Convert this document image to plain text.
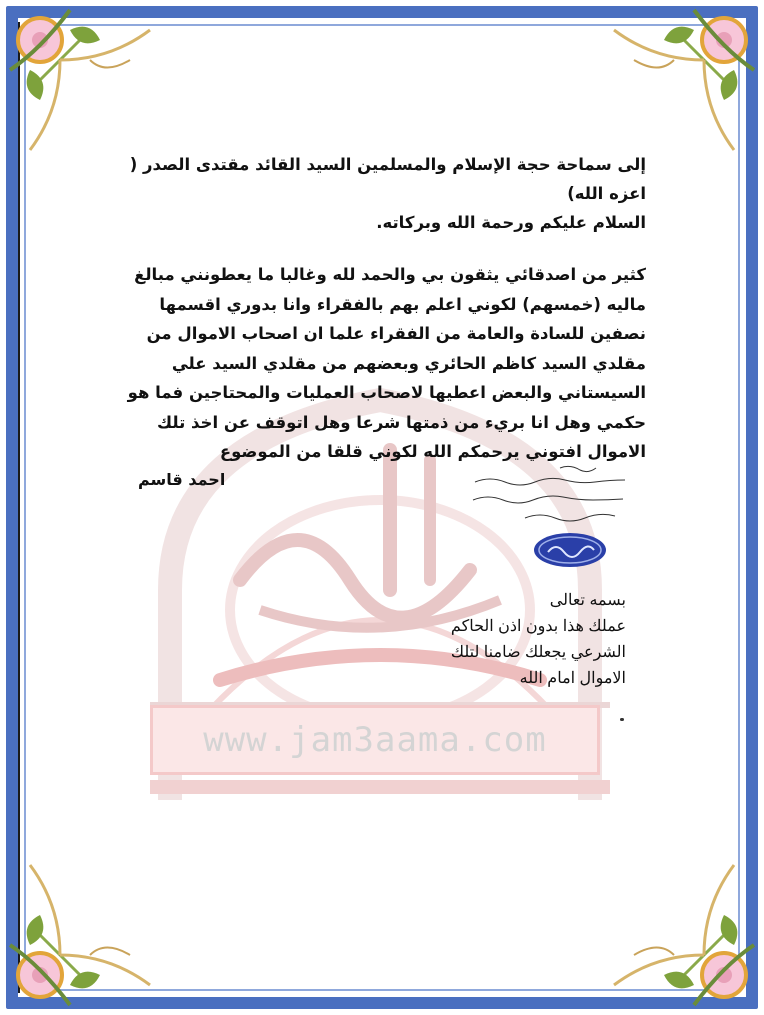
www.jam3aama.com
إلى سماحة حجة الإسلام والمسلمين السيد القائد مقتدى الصدر (
اعزه الله)
السلام عليكم ورحمة الله وبركاته.
كثير من اصدقائي يثقون بي والحمد لله وغالبا ما يعطونني مبالغ
ماليه (خمسهم) لكوني اعلم بهم بالفقراء وانا بدوري اقسمها
نصفين للسادة والعامة من الفقراء علما ان اصحاب الاموال من
مقلدي السيد كاظم الحائري وبعضهم من مقلدي السيد علي
السيستاني والبعض اعطيها لاصحاب العمليات والمحتاجين فما هو
حكمي وهل انا بريء من ذمتها شرعا وهل اتوقف عن اخذ تلك
الاموال افتوني يرحمكم الله لكوني قلقا من الموضوع
احمد قاسم
بسمه تعالى
عملك هذا بدون اذن الحاكم
الشرعي يجعلك ضامنا لتلك
الاموال امام الله
